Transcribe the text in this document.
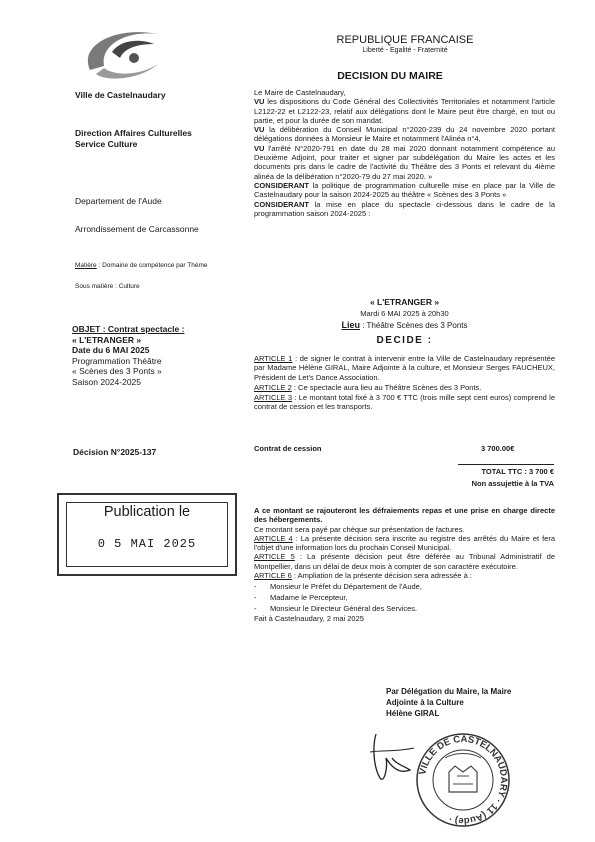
Ville de Castelnaudary
REPUBLIQUE FRANCAISE
Liberté - Egalité - Fraternité
DECISION DU MAIRE
Direction Affaires Culturelles
Service Culture
Departement de l'Aude
Arrondissement de Carcassonne
Matière : Domaine de compétence par Thème
Sous matière : Culture
OBJET : Contrat spectacle :
« L'ETRANGER »
Date du 6 MAI 2025
Programmation Théâtre
« Scènes des 3 Ponts »
Saison 2024-2025
Décision N°2025-137
Publication le
0 5 MAI 2025

Le Maire de Castelnaudary,

VU les dispositions du Code Général des Collectivités Territoriales et notamment l'article L2122-22 et L2122-23, relatif aux délégations dont le Maire peut être chargé, en tout ou partie, et pour la durée de son mandat.

VU la délibération du Conseil Municipal n°2020-239 du 24 novembre 2020 portant délégations données à Monsieur le Maire et notamment l'Alinéa n°4,

VU l'arrêté N°2020-791 en date du 28 mai 2020 donnant notamment compétence au Deuxième Adjoint, pour traiter et signer par subdélégation du Maire les actes et les documents pris dans le cadre de l'activité du Théâtre des 3 Ponts et relevant du 4ième alinéa de la délibération n°2020-79 du 27 mai 2020. »

CONSIDERANT la politique de programmation culturelle mise en place par la Ville de Castelnaudary pour la saison 2024-2025 au théâtre « Scènes des 3 Ponts »

CONSIDERANT la mise en place du spectacle ci-dessous dans le cadre de la programmation saison 2024-2025 :

« L'ETRANGER »
Mardi 6 MAI 2025 à 20h30
Lieu : Théâtre Scènes des 3 Ponts
DECIDE :

ARTICLE 1 : de signer le contrat à intervenir entre la Ville de Castelnaudary représentée par Madame Hélène GIRAL, Maire Adjointe à la culture, et Monsieur Serges FAUCHEUX, Président de Let's Dance Association.

ARTICLE 2 : Ce spectacle aura lieu au Théâtre Scènes des 3 Ponts.

ARTICLE 3 : Le montant total fixé à 3 700 € TTC (trois mille sept cent euros) comprend le contrat de cession et les transports.

Contrat de cession	3 700.00€
TOTAL TTC : 3 700 €
Non assujettie à la TVA

A ce montant se rajouteront les défraiements repas et une prise en charge directe des hébergements.

Ce montant sera payé par chèque sur présentation de factures.

ARTICLE 4 : La présente décision sera inscrite au registre des arrêtés du Maire et fera l'objet d'une information lors du prochain Conseil Municipal.

ARTICLE 5 : La présente décision peut être déférée au Tribunal Administratif de Montpellier, dans un délai de deux mois à compter de son caractère exécutoire.

ARTICLE 6 : Ampliation de la présente décision sera adressée à :

- Monsieur le Préfet du Département de l'Aude,
- Madame le Percepteur,
- Monsieur le Directeur Général des Services.

Fait à Castelnaudary, 2 mai 2025

Par Délégation du Maire, la Maire
Adjointe à la Culture
Hélène GIRAL
VILLE DE CASTELNAUDARY · 11 (Aude) ·
